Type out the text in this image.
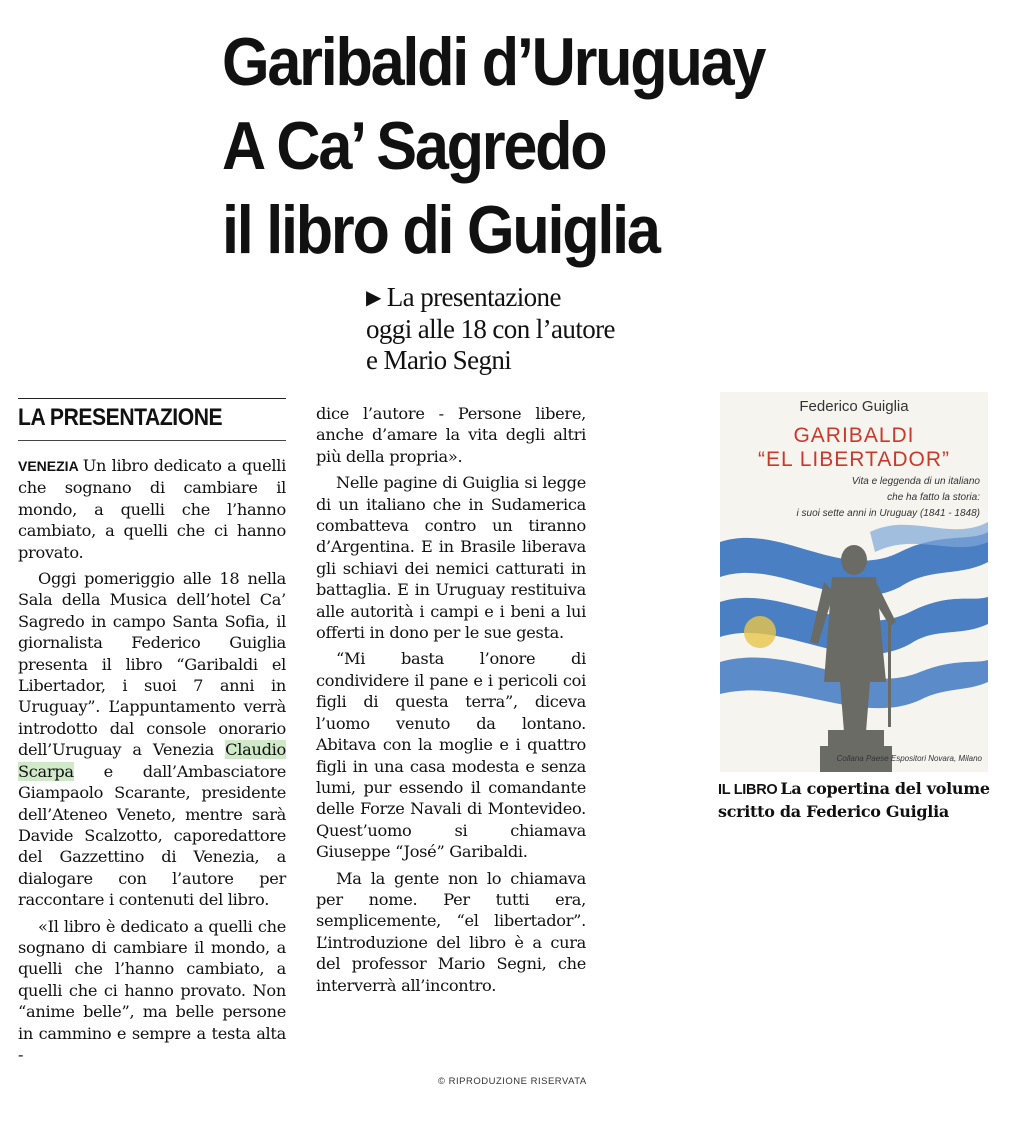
Garibaldi d’Uruguay
A Ca’ Sagredo
il libro di Guiglia
▶ La presentazione
oggi alle 18 con l’autore
e Mario Segni
LA PRESENTAZIONE

VENEZIA Un libro dedicato a quelli che sognano di cambiare il mondo, a quelli che l’hanno cambiato, a quelli che ci hanno provato.

Oggi pomeriggio alle 18 nella Sala della Musica dell’hotel Ca’ Sagredo in campo Santa Sofia, il giornalista Federico Guiglia presenta il libro “Garibaldi el Libertador, i suoi 7 anni in Uruguay”. L’appuntamento verrà introdotto dal console onorario dell’Uruguay a Venezia Claudio Scarpa e dall’Ambasciatore Giampaolo Scarante, presidente dell’Ateneo Veneto, mentre sarà Davide Scalzotto, caporedattore del Gazzettino di Venezia, a dialogare con l’autore per raccontare i contenuti del libro.

«Il libro è dedicato a quelli che sognano di cambiare il mondo, a quelli che l’hanno cambiato, a quelli che ci hanno provato. Non “anime belle”, ma belle persone in cammino e sempre a testa alta -

dice l’autore - Persone libere, anche d’amare la vita degli altri più della propria».

Nelle pagine di Guiglia si legge di un italiano che in Sudamerica combatteva contro un tiranno d’Argentina. E in Brasile liberava gli schiavi dei nemici catturati in battaglia. E in Uruguay restituiva alle autorità i campi e i beni a lui offerti in dono per le sue gesta.

“Mi basta l’onore di condividere il pane e i pericoli coi figli di questa terra”, diceva l’uomo venuto da lontano. Abitava con la moglie e i quattro figli in una casa modesta e senza lumi, pur essendo il comandante delle Forze Navali di Montevideo. Quest’uomo si chiamava Giuseppe “José” Garibaldi.

Ma la gente non lo chiamava per nome. Per tutti era, semplicemente, “el libertador”. L’introduzione del libro è a cura del professor Mario Segni, che interverrà all’incontro.

© RIPRODUZIONE RISERVATA
Federico Guiglia
GARIBALDI
“EL LIBERTADOR”
Vita e leggenda di un italiano
che ha fatto la storia:
i suoi sette anni in Uruguay (1841 - 1848)
Collana Paese Espositori Novara, Milano
IL LIBRO La copertina del volume scritto da Federico Guiglia
